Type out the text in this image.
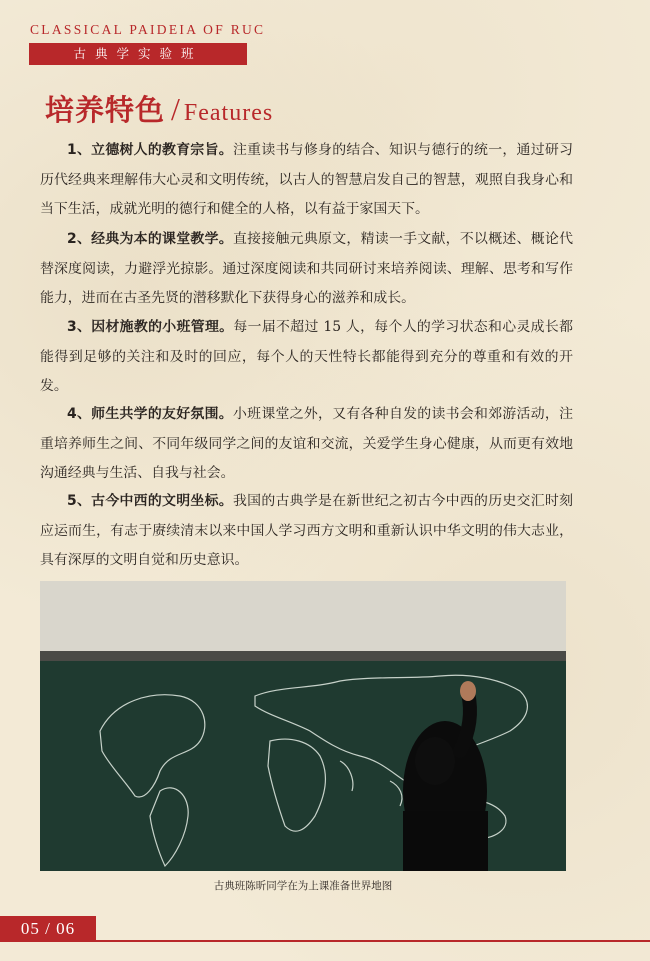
CLASSICAL PAIDEIA OF RUC
古典学实验班
培养特色 / Features

1、立德树人的教育宗旨。注重读书与修身的结合、知识与德行的统一，通过研习历代经典来理解伟大心灵和文明传统，以古人的智慧启发自己的智慧，观照自我身心和当下生活，成就光明的德行和健全的人格，以有益于家国天下。

2、经典为本的课堂教学。直接接触元典原文，精读一手文献，不以概述、概论代替深度阅读，力避浮光掠影。通过深度阅读和共同研讨来培养阅读、理解、思考和写作能力，进而在古圣先贤的潜移默化下获得身心的滋养和成长。

3、因材施教的小班管理。每一届不超过 15 人，每个人的学习状态和心灵成长都能得到足够的关注和及时的回应，每个人的天性特长都能得到充分的尊重和有效的开发。

4、师生共学的友好氛围。小班课堂之外，又有各种自发的读书会和郊游活动，注重培养师生之间、不同年级同学之间的友谊和交流，关爱学生身心健康，从而更有效地沟通经典与生活、自我与社会。

5、古今中西的文明坐标。我国的古典学是在新世纪之初古今中西的历史交汇时刻应运而生，有志于赓续清末以来中国人学习西方文明和重新认识中华文明的伟大志业，具有深厚的文明自觉和历史意识。

古典班陈昕同学在为上课准备世界地图
05 / 06
